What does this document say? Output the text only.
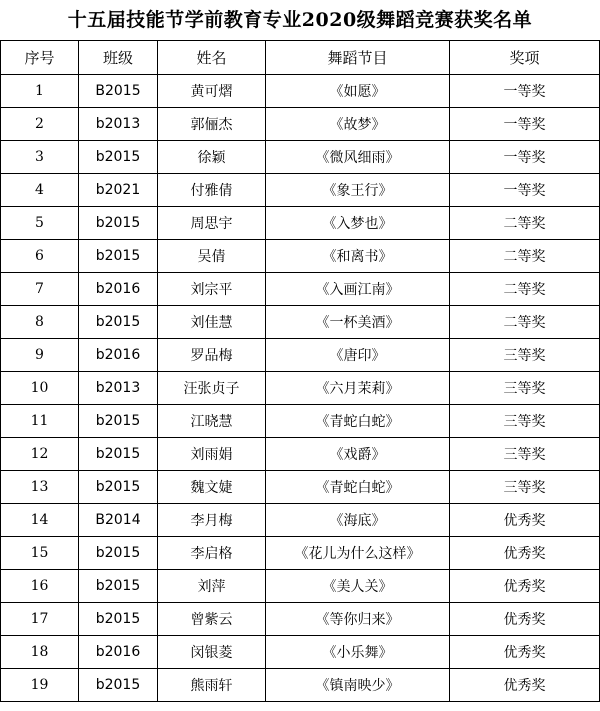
十五届技能节学前教育专业2020级舞蹈竞赛获奖名单
序号	班级	姓名	舞蹈节目	奖项
1	B2015	黄可熠	《如愿》	一等奖
2	b2013	郭俪杰	《故梦》	一等奖
3	b2015	徐颖	《微风细雨》	一等奖
4	b2021	付雅倩	《象王行》	一等奖
5	b2015	周思宇	《入梦也》	二等奖
6	b2015	吴倩	《和离书》	二等奖
7	b2016	刘宗平	《入画江南》	二等奖
8	b2015	刘佳慧	《一杯美酒》	二等奖
9	b2016	罗品梅	《唐印》	三等奖
10	b2013	汪张贞子	《六月茉莉》	三等奖
11	b2015	江晓慧	《青蛇白蛇》	三等奖
12	b2015	刘雨娟	《戏爵》	三等奖
13	b2015	魏文婕	《青蛇白蛇》	三等奖
14	B2014	李月梅	《海底》	优秀奖
15	b2015	李启格	《花儿为什么这样》	优秀奖
16	b2015	刘萍	《美人关》	优秀奖
17	b2015	曾紫云	《等你归来》	优秀奖
18	b2016	闵银菱	《小乐舞》	优秀奖
19	b2015	熊雨轩	《镇南映少》	优秀奖
